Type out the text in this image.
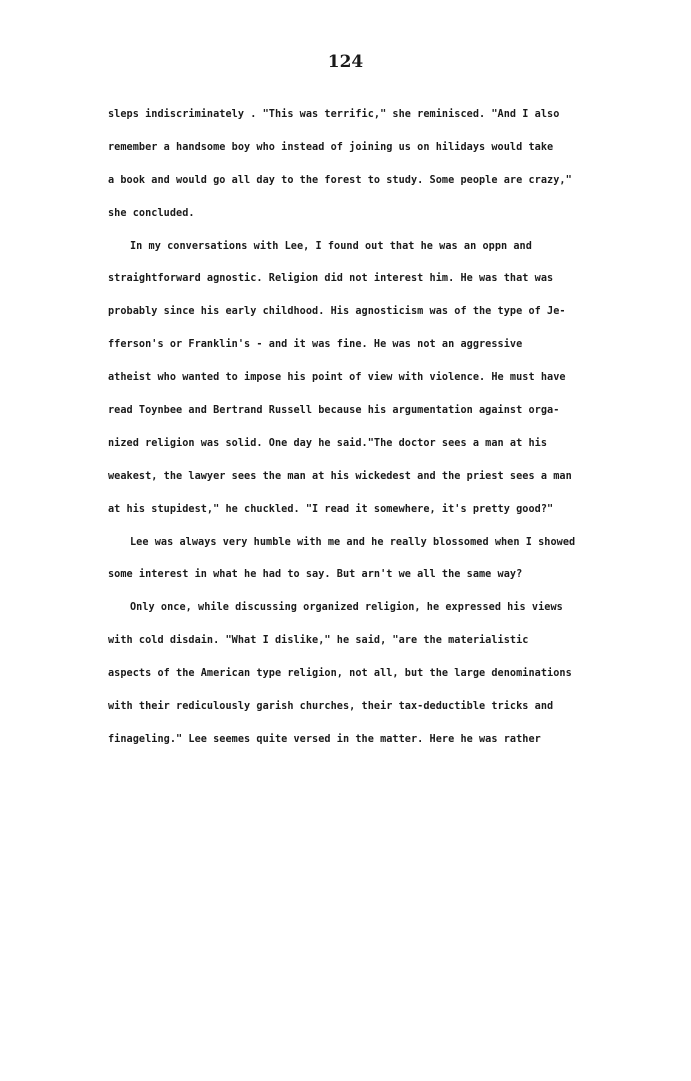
124
sleps indiscriminately . "This was terrific," she reminisced. "And I also
remember a handsome boy who instead of joining us on hilidays would take
a book and would go all day to the forest to study. Some people are crazy,"
she concluded.
In my conversations with Lee, I found out that he was an oppn and
straightforward agnostic. Religion did not interest him. He was that was
probably since his early childhood. His agnosticism was of the type of Je-
fferson's or Franklin's - and it was fine. He was not an aggressive
atheist who wanted to impose his point of view with violence. He must have
read Toynbee and Bertrand Russell because his argumentation against orga-
nized religion was solid. One day he said."The doctor sees a man at his
weakest, the lawyer sees the man at his wickedest and the priest sees a man
at his stupidest," he chuckled. "I read it somewhere, it's pretty good?"
Lee was always very humble with me and he really blossomed when I showed
some interest in what he had to say. But arn't we all the same way?
Only once, while discussing organized religion, he expressed his views
with cold disdain. "What I dislike," he said, "are the materialistic
aspects of the American type religion, not all, but the large denominations
with their rediculously garish churches, their tax-deductible tricks and
finageling." Lee seemes quite versed in the matter. Here he was rather
